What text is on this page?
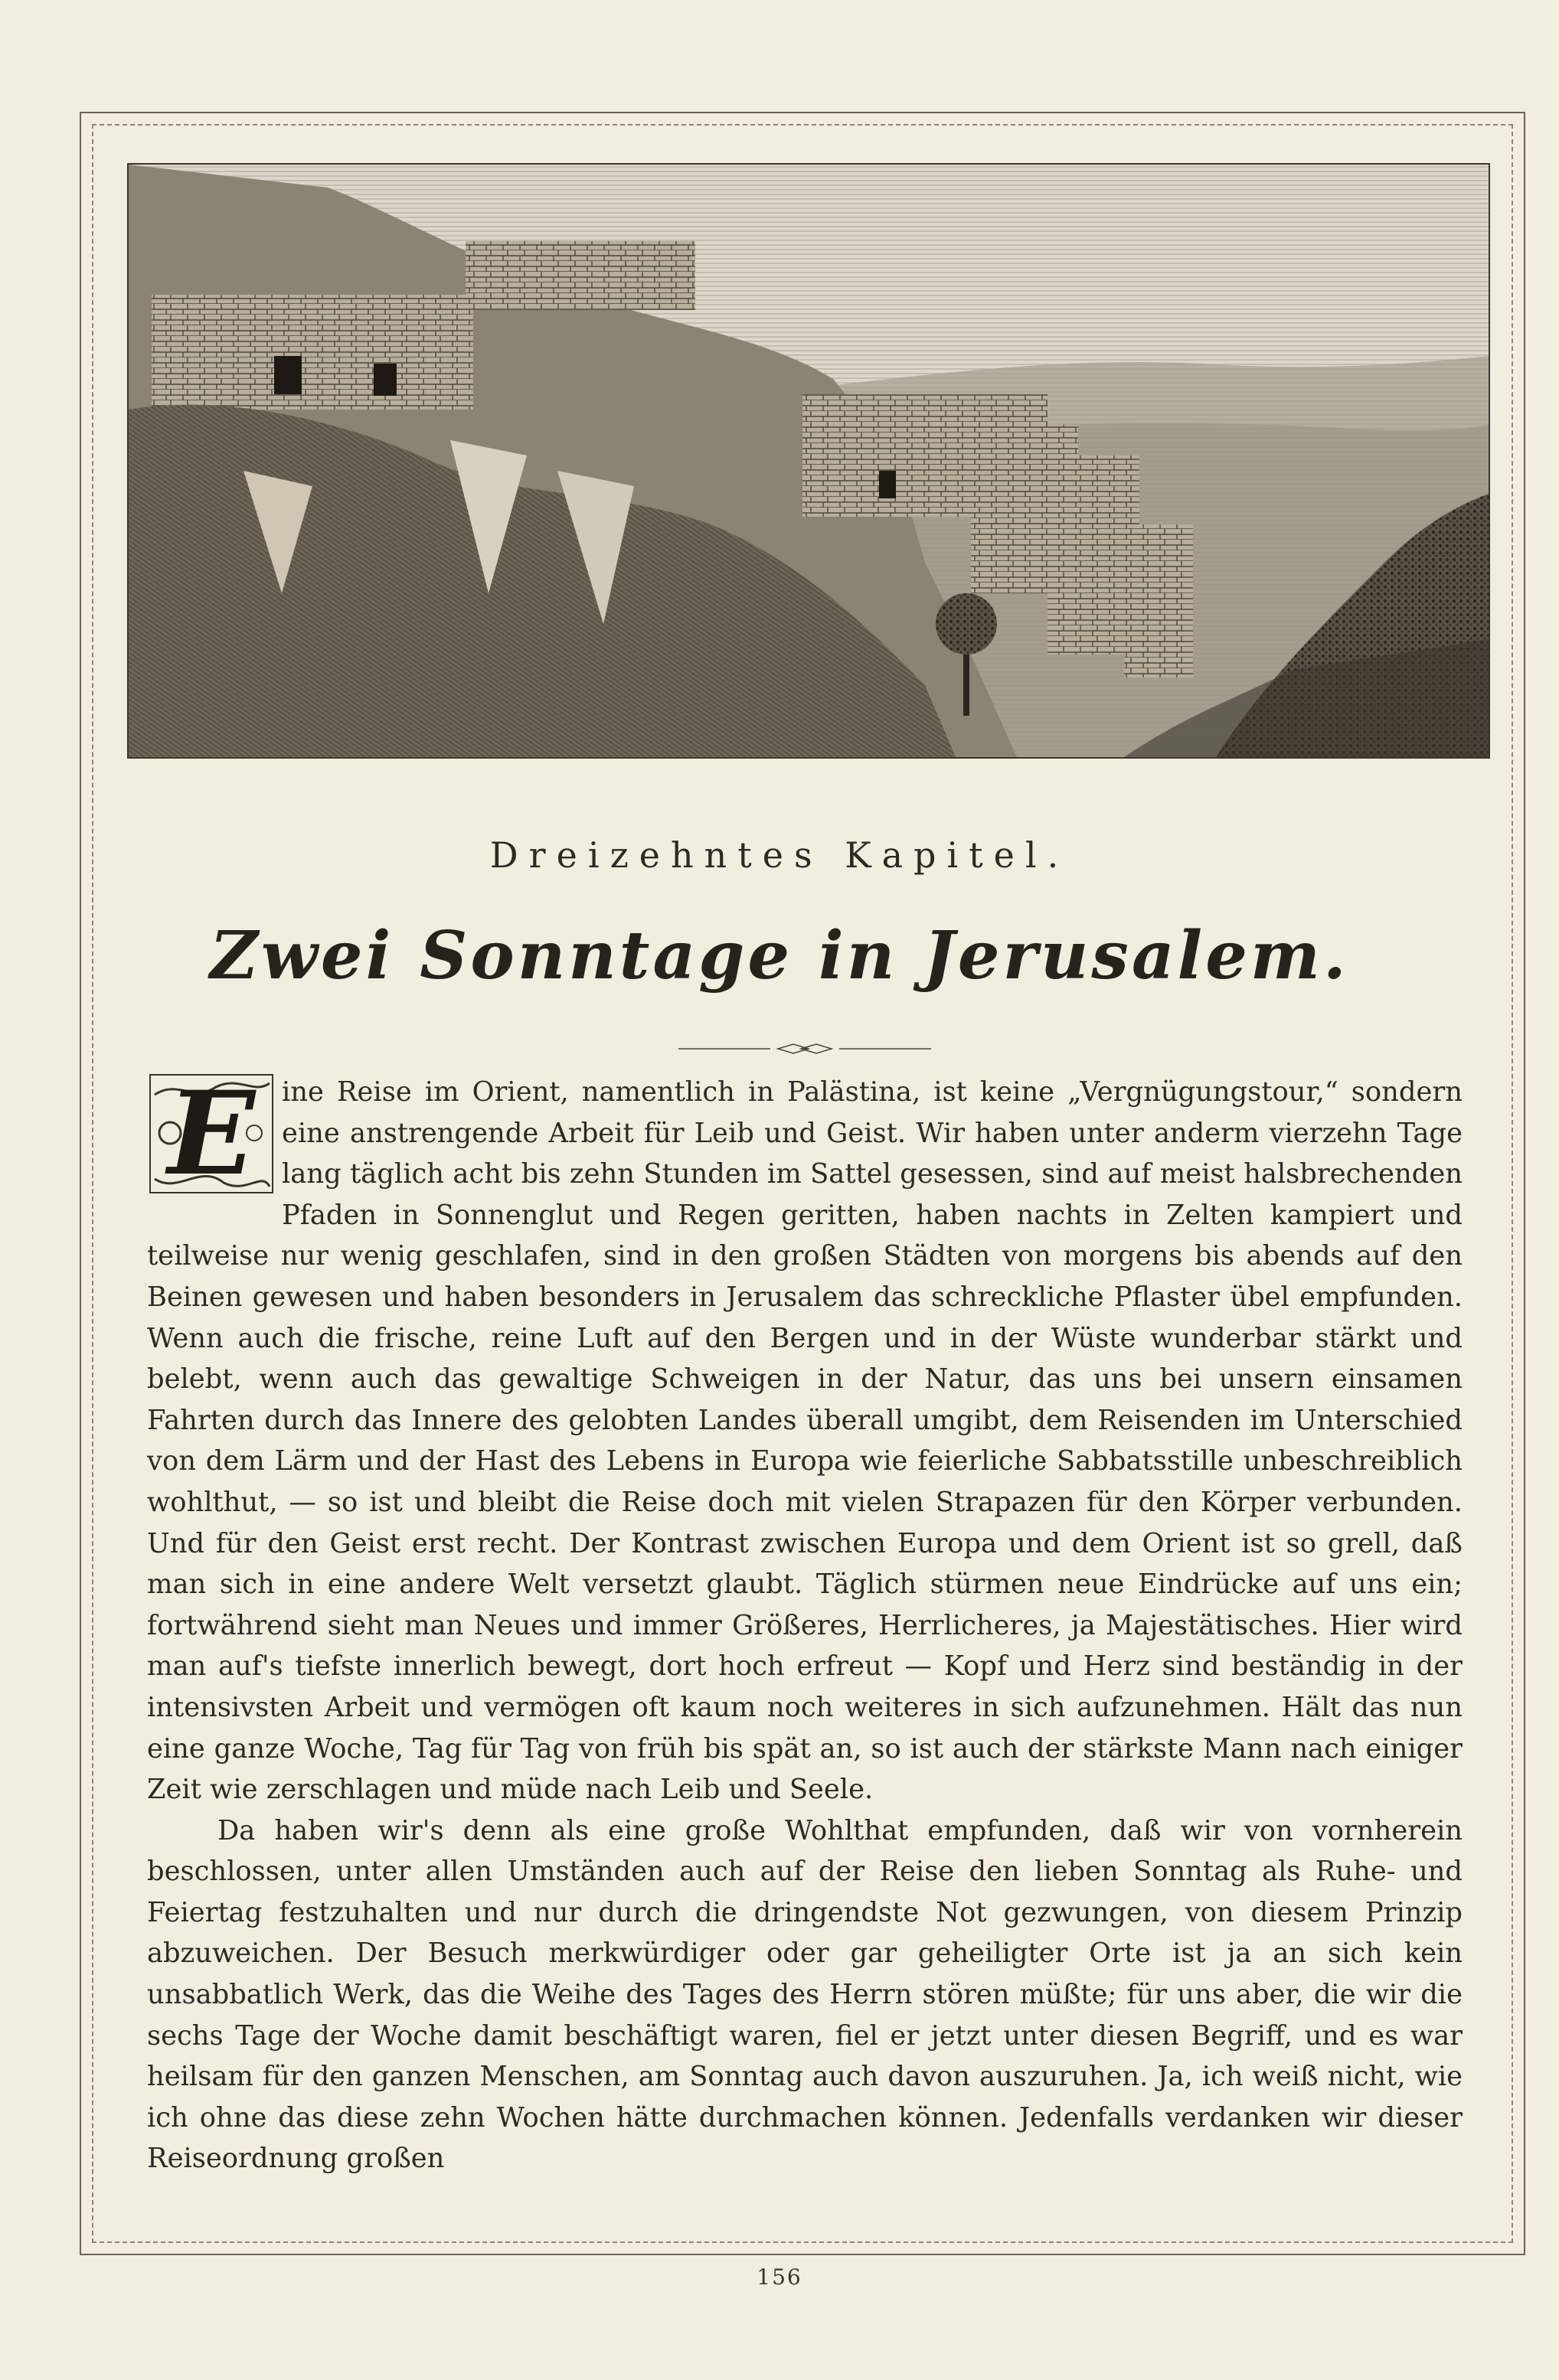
Dreizehntes Kapitel.
Zwei Sonntage in Jerusalem.

E ine Reise im Orient, namentlich in Palästina, ist keine „Vergnügungstour,“ sondern eine anstrengende Arbeit für Leib und Geist. Wir haben unter anderm vierzehn Tage lang täglich acht bis zehn Stunden im Sattel gesessen, sind auf meist halsbrechenden Pfaden in Sonnenglut und Regen geritten, haben nachts in Zelten kampiert und teilweise nur wenig geschlafen, sind in den großen Städten von morgens bis abends auf den Beinen gewesen und haben besonders in Jerusalem das schreckliche Pflaster übel empfunden. Wenn auch die frische, reine Luft auf den Bergen und in der Wüste wunderbar stärkt und belebt, wenn auch das gewaltige Schweigen in der Natur, das uns bei unsern einsamen Fahrten durch das Innere des gelobten Landes überall umgibt, dem Reisenden im Unterschied von dem Lärm und der Hast des Lebens in Europa wie feierliche Sabbatsstille unbeschreiblich wohlthut, — so ist und bleibt die Reise doch mit vielen Strapazen für den Körper verbunden. Und für den Geist erst recht. Der Kontrast zwischen Europa und dem Orient ist so grell, daß man sich in eine andere Welt versetzt glaubt. Täglich stürmen neue Eindrücke auf uns ein; fortwährend sieht man Neues und immer Größeres, Herrlicheres, ja Majestätisches. Hier wird man auf's tiefste innerlich bewegt, dort hoch erfreut — Kopf und Herz sind beständig in der intensivsten Arbeit und vermögen oft kaum noch weiteres in sich aufzunehmen. Hält das nun eine ganze Woche, Tag für Tag von früh bis spät an, so ist auch der stärkste Mann nach einiger Zeit wie zerschlagen und müde nach Leib und Seele.

Da haben wir's denn als eine große Wohlthat empfunden, daß wir von vornherein beschlossen, unter allen Umständen auch auf der Reise den lieben Sonntag als Ruhe- und Feiertag festzuhalten und nur durch die dringendste Not gezwungen, von diesem Prinzip abzuweichen. Der Besuch merkwürdiger oder gar geheiligter Orte ist ja an sich kein unsabbatlich Werk, das die Weihe des Tages des Herrn stören müßte; für uns aber, die wir die sechs Tage der Woche damit beschäftigt waren, fiel er jetzt unter diesen Begriff, und es war heilsam für den ganzen Menschen, am Sonntag auch davon auszuruhen. Ja, ich weiß nicht, wie ich ohne das diese zehn Wochen hätte durchmachen können. Jedenfalls verdanken wir dieser Reiseordnung großen

156
